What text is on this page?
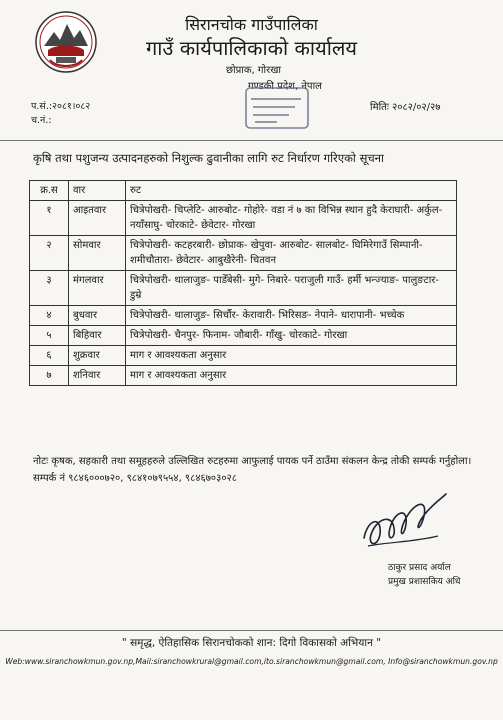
सिरानचोक गाउँपालिका
गाउँ कार्यपालिकाको कार्यालय
छोप्राक, गोरखा
गण्डकी प्रदेश, नेपाल
प.सं.:२०८१।०८२
च.नं.:
मितिः २०८२/०२/२७
कृषि तथा पशुजन्य उत्पादनहरुको निशुल्क ढुवानीका लागि रुट निर्धारण गरिएको सूचना
क्र.स	वार	रुट
१	आइतवार	चित्रेपोखरी- चिप्लेटि- आरुबोट- गोहोरे- वडा नं ७ का विभिन्न स्थान हुदै केराघारी- अर्कुल- नयाँसाघु- चोरकाटे- छेवेटार- गोरखा
२	सोमवार	चित्रेपोखरी- कटहरबारी- छोप्राक- खेपुवा- आरुबोट- सालबोट- घिमिरेगाउँ सिम्पानी- शमीचौतारा- छेवेटार- आबुखैरेनी- चितवन
३	मंगलवार	चित्रेपोखरी- थालाजुङ- पाडेँबेसी- मुगे- निबारे- पराजुली गाउँ- हर्मी भन्ज्याङ- पालुङटार- डुम्रे
४	बुधवार	चित्रेपोखरी- थालाजुङ- सिर्चौर- केरावारी- भिरिसङ- नेपाने- धारापानी- भच्चेक
५	बिहिवार	चित्रेपोखरी- चैनपुर- फिनाम- जौबारी- गाँखु- चोरकाटे- गोरखा
६	शुक्रवार	माग र आवश्यकता अनुसार
७	शनिवार	माग र आवश्यकता अनुसार
नोटः कृषक, सहकारी तथा समूहहरुले उल्लिखित रुटहरुमा आफुलाई पायक पर्ने ठाउँमा संकलन केन्द्र तोकी सम्पर्क गर्नुहोला। सम्पर्क नं ९८४६०००७२०, ९८४१०७९५५४, ९८४६७०३०२८
ठाकुर प्रसाद अर्याल
प्रमुख प्रशासकिय अधि
" समृद्ध, ऐतिहासिक सिरानचोकको शान: दिगो विकासको अभियान "
Web:www.siranchowkmun.gov.np,Mail:siranchowkrural@gmail.com,ito.siranchowkmun@gmail.com, Info@siranchowkmun.gov.np
